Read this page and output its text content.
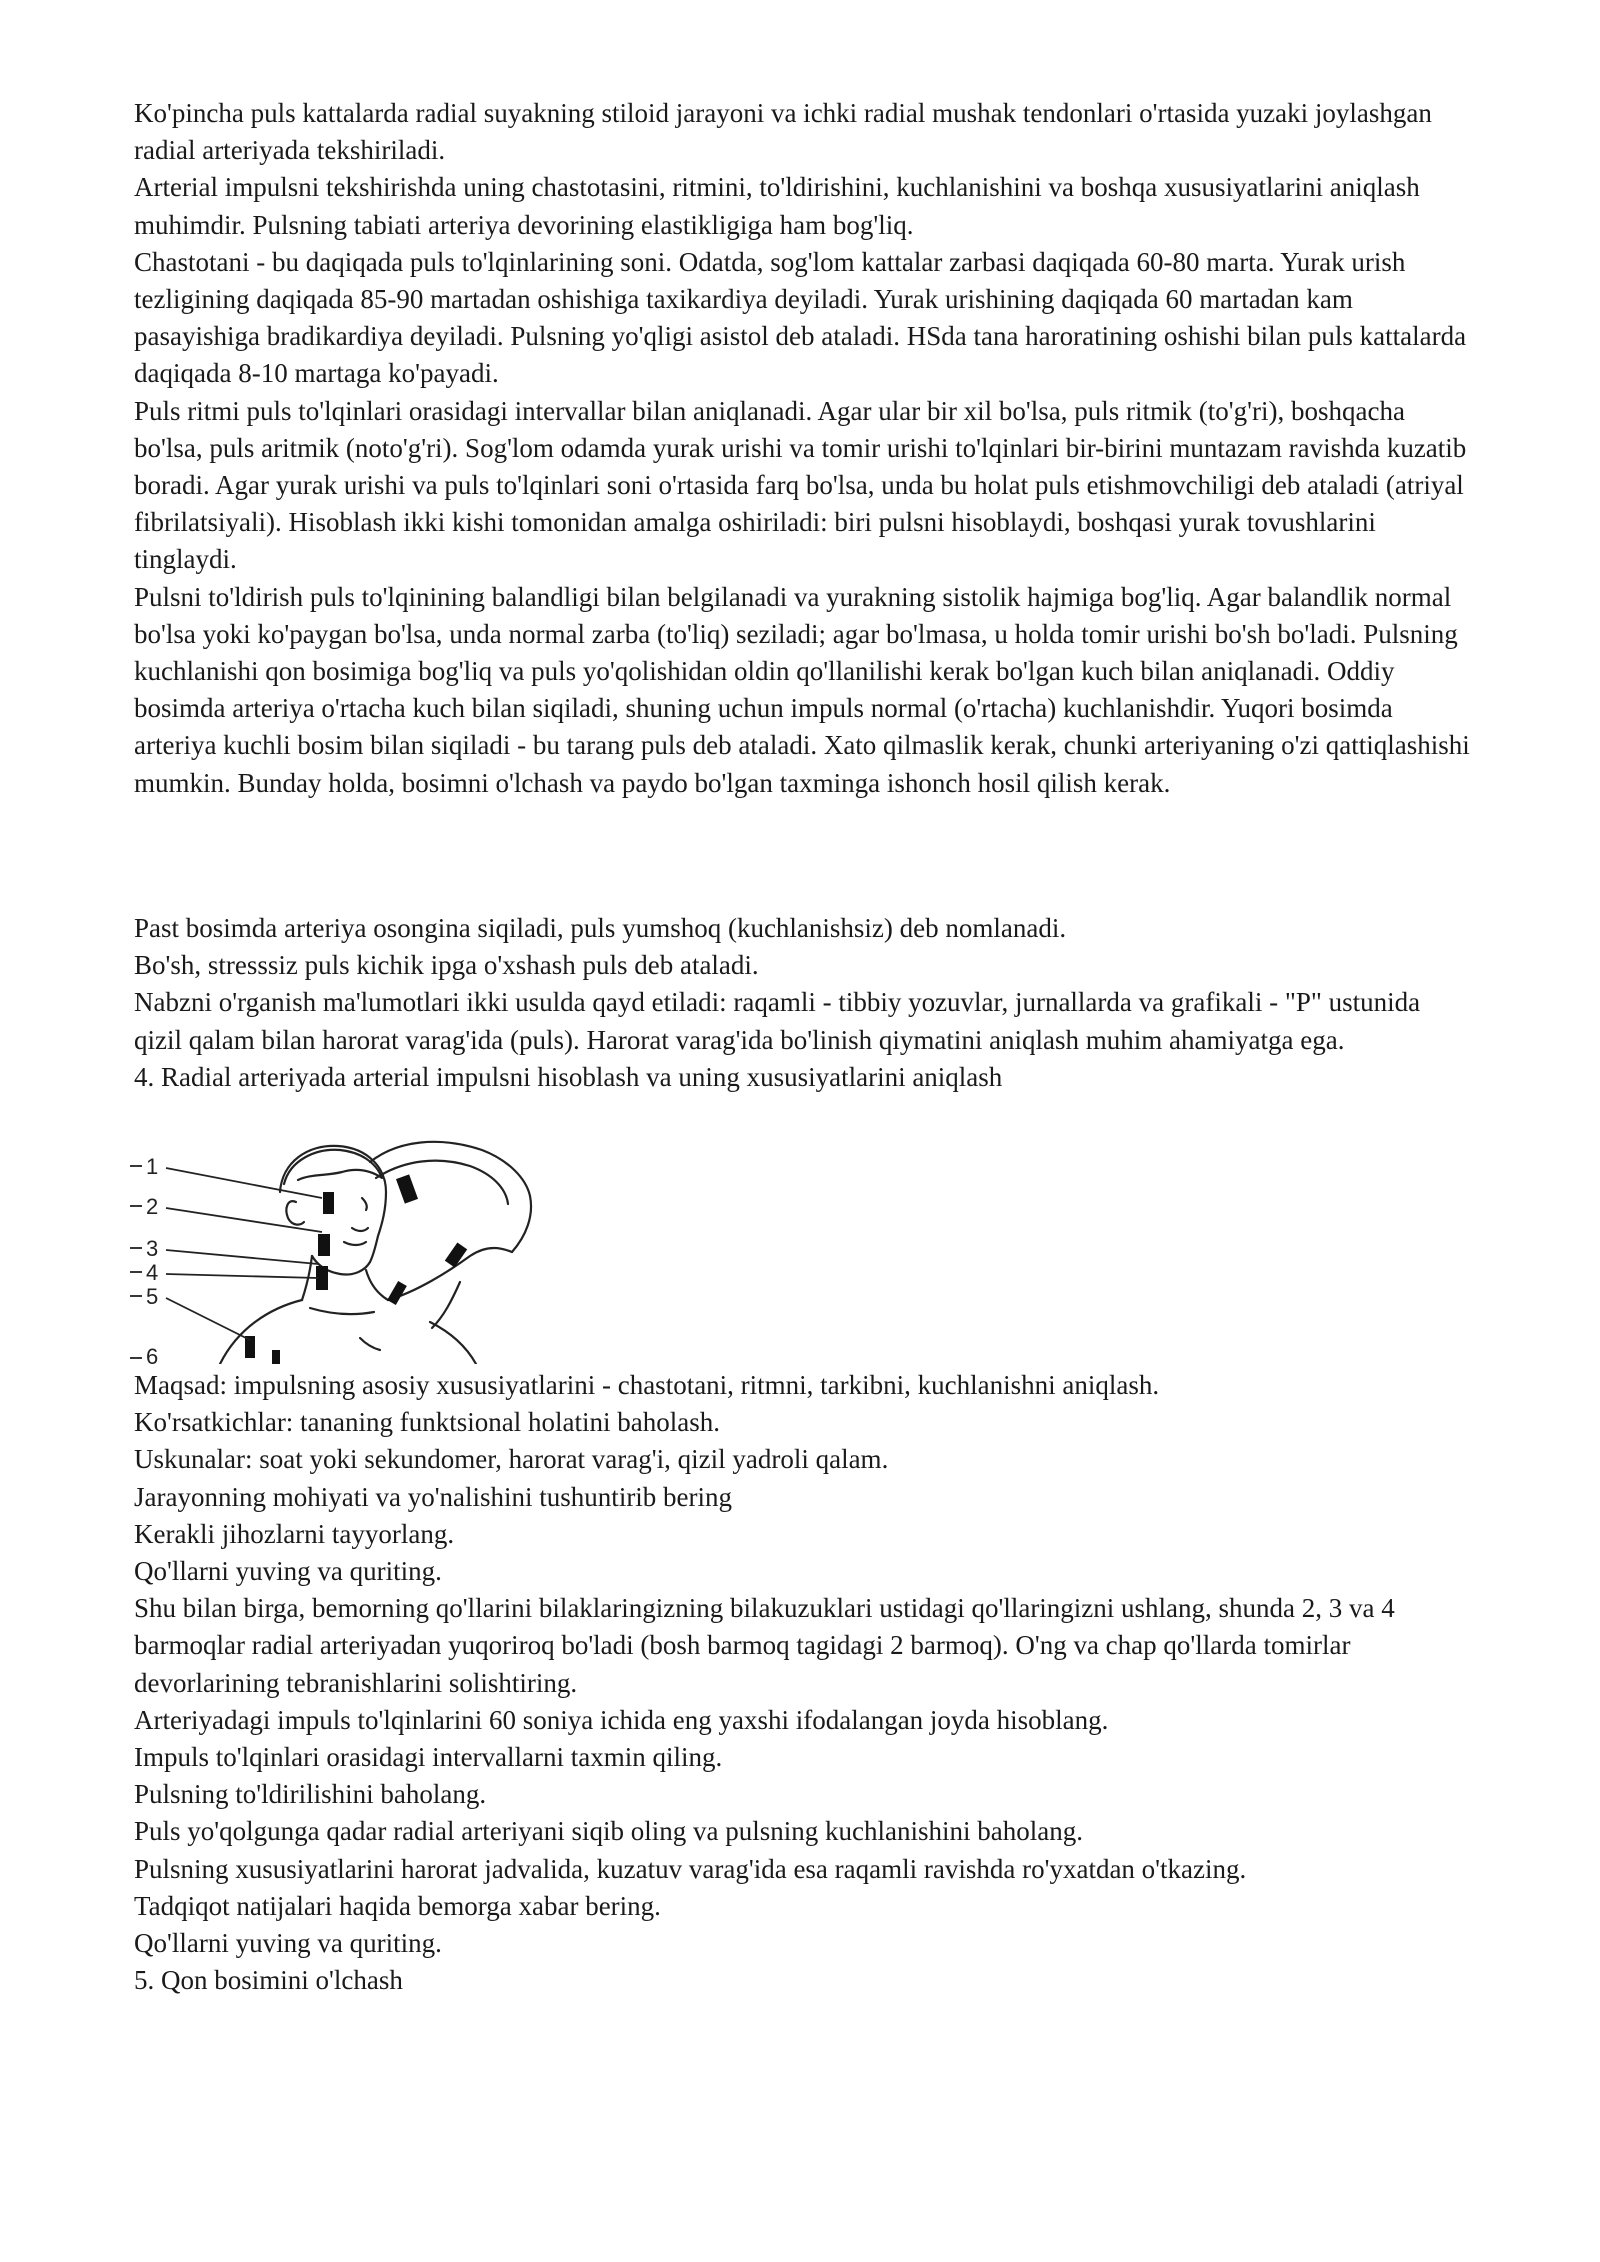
Ko'pincha puls kattalarda radial suyakning stiloid jarayoni va ichki radial mushak tendonlari o'rtasida yuzaki joylashgan radial arteriyada tekshiriladi.

Arterial impulsni tekshirishda uning chastotasini, ritmini, to'ldirishini, kuchlanishini va boshqa xususiyatlarini aniqlash muhimdir. Pulsning tabiati arteriya devorining elastikligiga ham bog'liq.

Chastotani - bu daqiqada puls to'lqinlarining soni. Odatda, sog'lom kattalar zarbasi daqiqada 60-80 marta. Yurak urish tezligining daqiqada 85-90 martadan oshishiga taxikardiya deyiladi. Yurak urishining daqiqada 60 martadan kam pasayishiga bradikardiya deyiladi. Pulsning yo'qligi asistol deb ataladi. HSda tana haroratining oshishi bilan puls kattalarda daqiqada 8-10 martaga ko'payadi.

Puls ritmi puls to'lqinlari orasidagi intervallar bilan aniqlanadi. Agar ular bir xil bo'lsa, puls ritmik (to'g'ri), boshqacha bo'lsa, puls aritmik (noto'g'ri). Sog'lom odamda yurak urishi va tomir urishi to'lqinlari bir-birini muntazam ravishda kuzatib boradi. Agar yurak urishi va puls to'lqinlari soni o'rtasida farq bo'lsa, unda bu holat puls etishmovchiligi deb ataladi (atriyal fibrilatsiyali). Hisoblash ikki kishi tomonidan amalga oshiriladi: biri pulsni hisoblaydi, boshqasi yurak tovushlarini tinglaydi.

Pulsni to'ldirish puls to'lqinining balandligi bilan belgilanadi va yurakning sistolik hajmiga bog'liq. Agar balandlik normal bo'lsa yoki ko'paygan bo'lsa, unda normal zarba (to'liq) seziladi; agar bo'lmasa, u holda tomir urishi bo'sh bo'ladi. Pulsning kuchlanishi qon bosimiga bog'liq va puls yo'qolishidan oldin qo'llanilishi kerak bo'lgan kuch bilan aniqlanadi. Oddiy bosimda arteriya o'rtacha kuch bilan siqiladi, shuning uchun impuls normal (o'rtacha) kuchlanishdir. Yuqori bosimda arteriya kuchli bosim bilan siqiladi - bu tarang puls deb ataladi. Xato qilmaslik kerak, chunki arteriyaning o'zi qattiqlashishi mumkin. Bunday holda, bosimni o'lchash va paydo bo'lgan taxminga ishonch hosil qilish kerak.

Past bosimda arteriya osongina siqiladi, puls yumshoq (kuchlanishsiz) deb nomlanadi.

Bo'sh, stresssiz puls kichik ipga o'xshash puls deb ataladi.

Nabzni o'rganish ma'lumotlari ikki usulda qayd etiladi: raqamli - tibbiy yozuvlar, jurnallarda va grafikali - "P" ustunida qizil qalam bilan harorat varag'ida (puls). Harorat varag'ida bo'linish qiymatini aniqlash muhim ahamiyatga ega.

4. Radial arteriyada arterial impulsni hisoblash va uning xususiyatlarini aniqlash

1
2
3
4
5
6

Maqsad: impulsning asosiy xususiyatlarini - chastotani, ritmni, tarkibni, kuchlanishni aniqlash.

Ko'rsatkichlar: tananing funktsional holatini baholash.

Uskunalar: soat yoki sekundomer, harorat varag'i, qizil yadroli qalam.

Jarayonning mohiyati va yo'nalishini tushuntirib bering

Kerakli jihozlarni tayyorlang.

Qo'llarni yuving va quriting.

Shu bilan birga, bemorning qo'llarini bilaklaringizning bilakuzuklari ustidagi qo'llaringizni ushlang, shunda 2, 3 va 4 barmoqlar radial arteriyadan yuqoriroq bo'ladi (bosh barmoq tagidagi 2 barmoq). O'ng va chap qo'llarda tomirlar devorlarining tebranishlarini solishtiring.

Arteriyadagi impuls to'lqinlarini 60 soniya ichida eng yaxshi ifodalangan joyda hisoblang.

Impuls to'lqinlari orasidagi intervallarni taxmin qiling.

Pulsning to'ldirilishini baholang.

Puls yo'qolgunga qadar radial arteriyani siqib oling va pulsning kuchlanishini baholang.

Pulsning xususiyatlarini harorat jadvalida, kuzatuv varag'ida esa raqamli ravishda ro'yxatdan o'tkazing.

Tadqiqot natijalari haqida bemorga xabar bering.

Qo'llarni yuving va quriting.

5. Qon bosimini o'lchash
